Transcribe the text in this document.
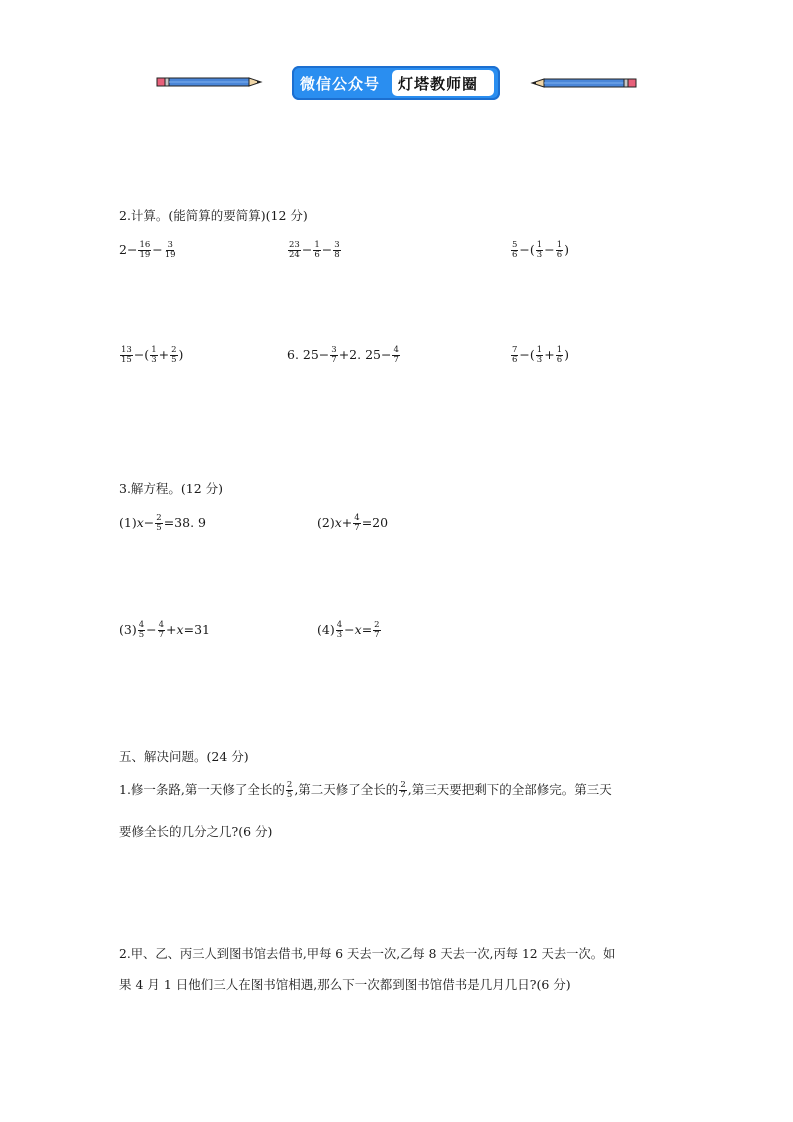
微信公众号 灯塔教师圈
2.计算。(能简算的要简算)(12 分)
$2- \frac{16}{19} - \frac{3}{19}$	$\frac{23}{24} - \frac{1}{6} - \frac{3}{8}$	$\frac{5}{6}$ −( $\frac{1}{3} - \frac{1}{6}$ )
$\frac{13}{15}$ −( $\frac{1}{3} + \frac{2}{5}$ )	6. $25- \frac{3}{7} +2$. $25- \frac{4}{7}$	$\frac{7}{6}$ −( $\frac{1}{3} + \frac{1}{6}$ )
3.解方程。(12 分)
$(1)x- \frac{2}{5} =38$. 9	$(2)x+ \frac{4}{7} =20$
$(3) \frac{4}{5} - \frac{4}{7} +x=31$	$(4) \frac{4}{3} -x= \frac{2}{7}$
五、解决问题。(24 分)
1.修一条路,第一天修了全长的 $\frac{2}{5}$ ,第二天修了全长的 $\frac{2}{7}$ ,第三天要把剩下的全部修完。第三天
要修全长的几分之几?(6 分)
2.甲、乙、丙三人到图书馆去借书,甲每 6 天去一次,乙每 8 天去一次,丙每 12 天去一次。如
果 4 月 1 日他们三人在图书馆相遇,那么下一次都到图书馆借书是几月几日?(6 分)
